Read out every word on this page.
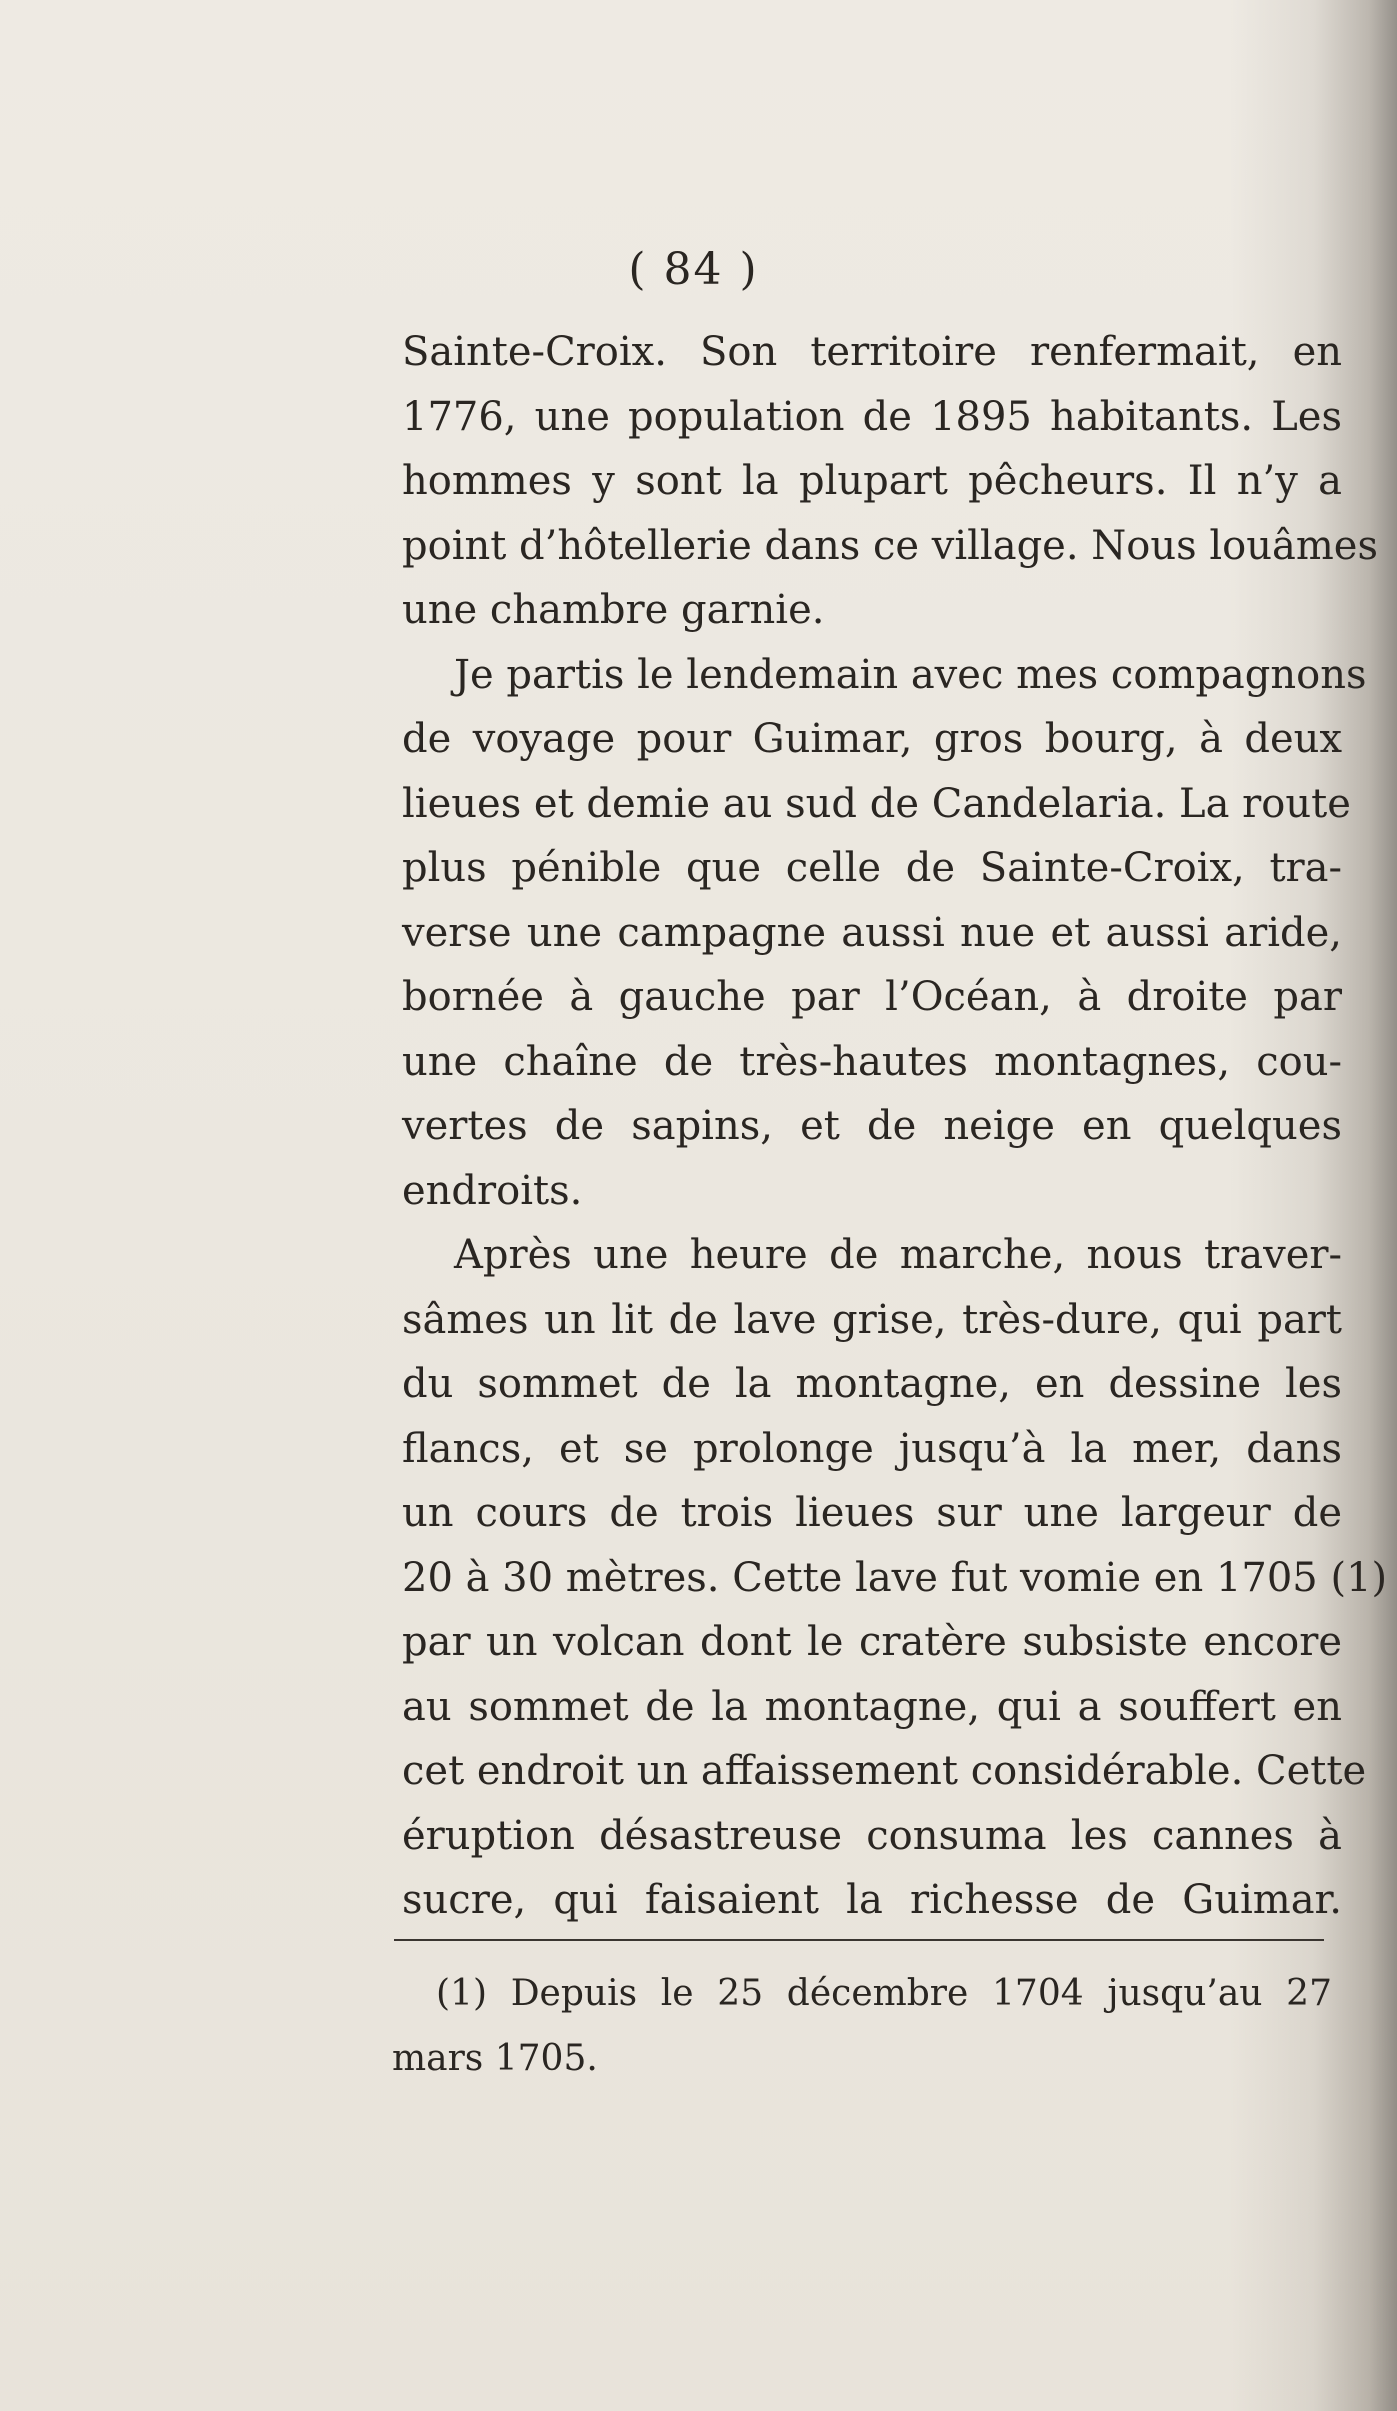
( 84 )
Sainte-Croix. Son territoire renfermait, en
1776, une population de 1895 habitants. Les
hommes y sont la plupart pêcheurs. Il n’y a
point d’hôtellerie dans ce village. Nous louâmes
une chambre garnie.
Je partis le lendemain avec mes compagnons
de voyage pour Guimar, gros bourg, à deux
lieues et demie au sud de Candelaria. La route
plus pénible que celle de Sainte-Croix, tra-
verse une campagne aussi nue et aussi aride,
bornée à gauche par l’Océan, à droite par
une chaîne de très-hautes montagnes, cou-
vertes de sapins, et de neige en quelques
endroits.
Après une heure de marche, nous traver-
sâmes un lit de lave grise, très-dure, qui part
du sommet de la montagne, en dessine les
flancs, et se prolonge jusqu’à la mer, dans
un cours de trois lieues sur une largeur de
20 à 30 mètres. Cette lave fut vomie en 1705 (1)
par un volcan dont le cratère subsiste encore
au sommet de la montagne, qui a souffert en
cet endroit un affaissement considérable. Cette
éruption désastreuse consuma les cannes à
sucre, qui faisaient la richesse de Guimar.
(1) Depuis le 25 décembre 1704 jusqu’au 27
mars 1705.
